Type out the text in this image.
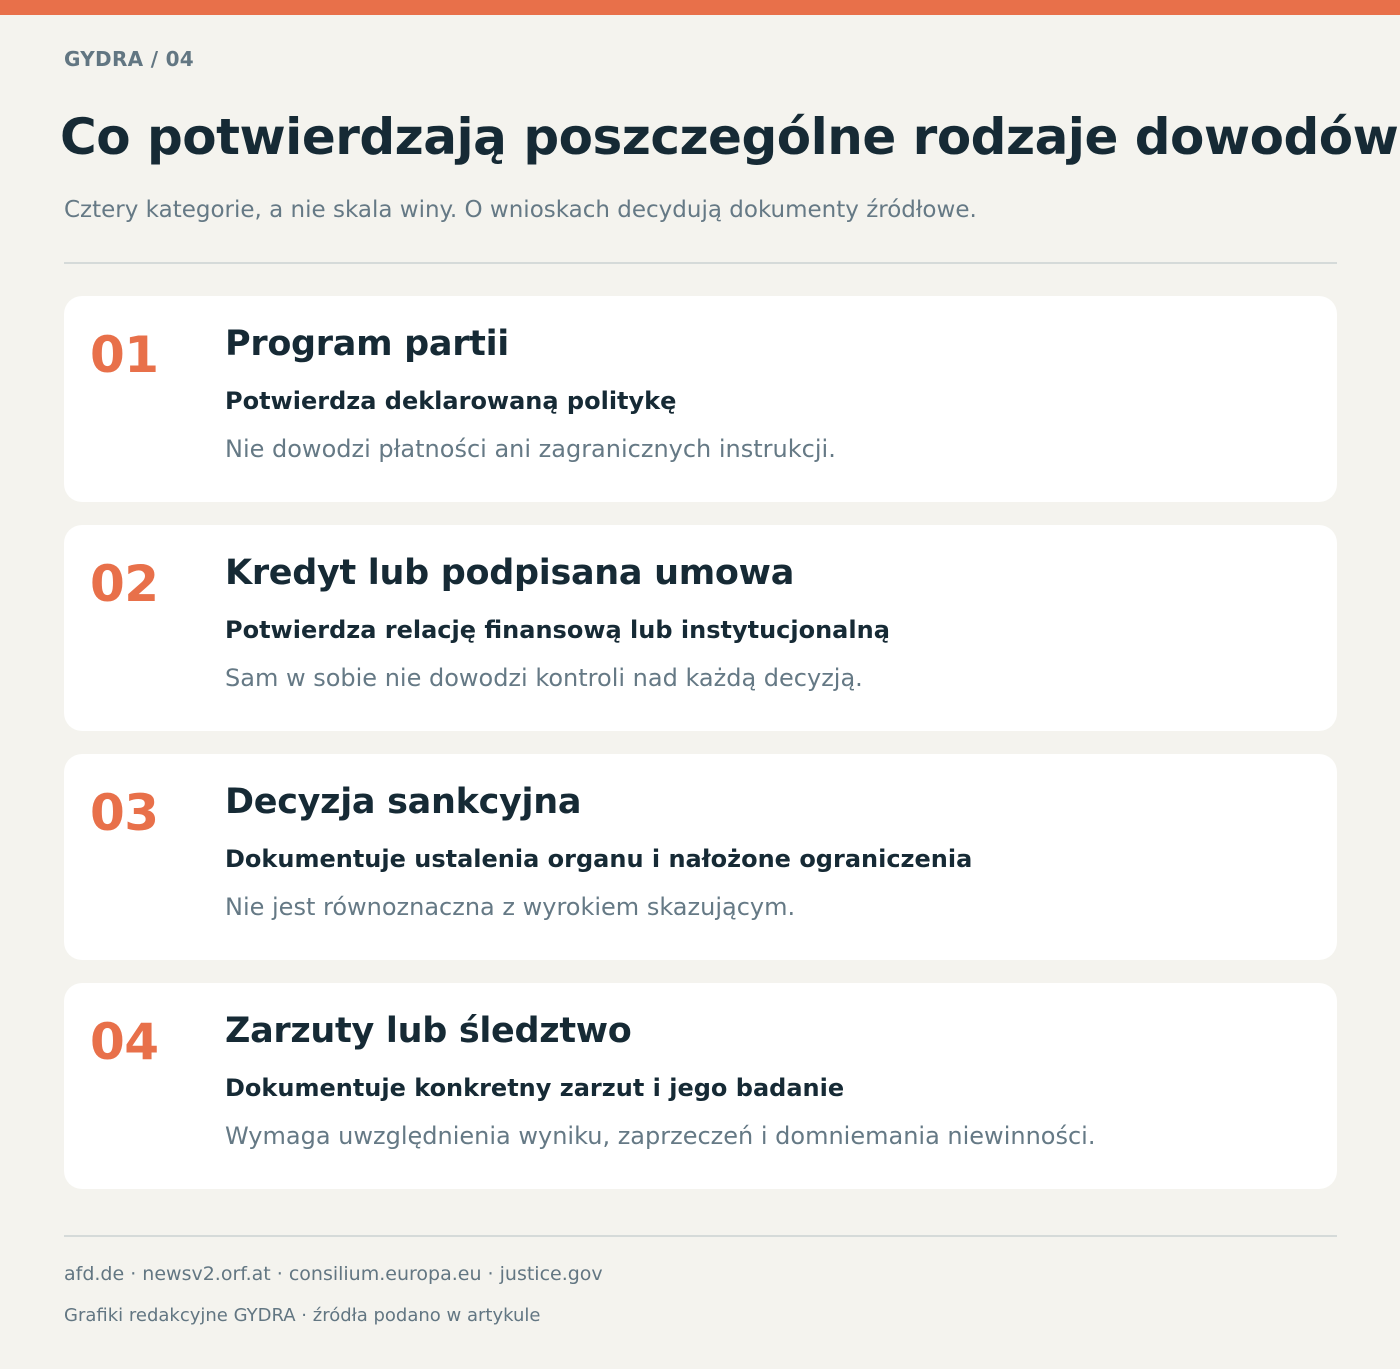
GYDRA / 04
Co potwierdzają poszczególne rodzaje dowodów

Cztery kategorie, a nie skala winy. O wnioskach decydują dokumenty źródłowe.

01 Program partii
Potwierdza deklarowaną politykę
Nie dowodzi płatności ani zagranicznych instrukcji.
02 Kredyt lub podpisana umowa
Potwierdza relację finansową lub instytucjonalną
Sam w sobie nie dowodzi kontroli nad każdą decyzją.
03 Decyzja sankcyjna
Dokumentuje ustalenia organu i nałożone ograniczenia
Nie jest równoznaczna z wyrokiem skazującym.
04 Zarzuty lub śledztwo
Dokumentuje konkretny zarzut i jego badanie
Wymaga uwzględnienia wyniku, zaprzeczeń i domniemania niewinności.
afd.de · newsv2.orf.at · consilium.europa.eu · justice.gov
Grafiki redakcyjne GYDRA · źródła podano w artykule
